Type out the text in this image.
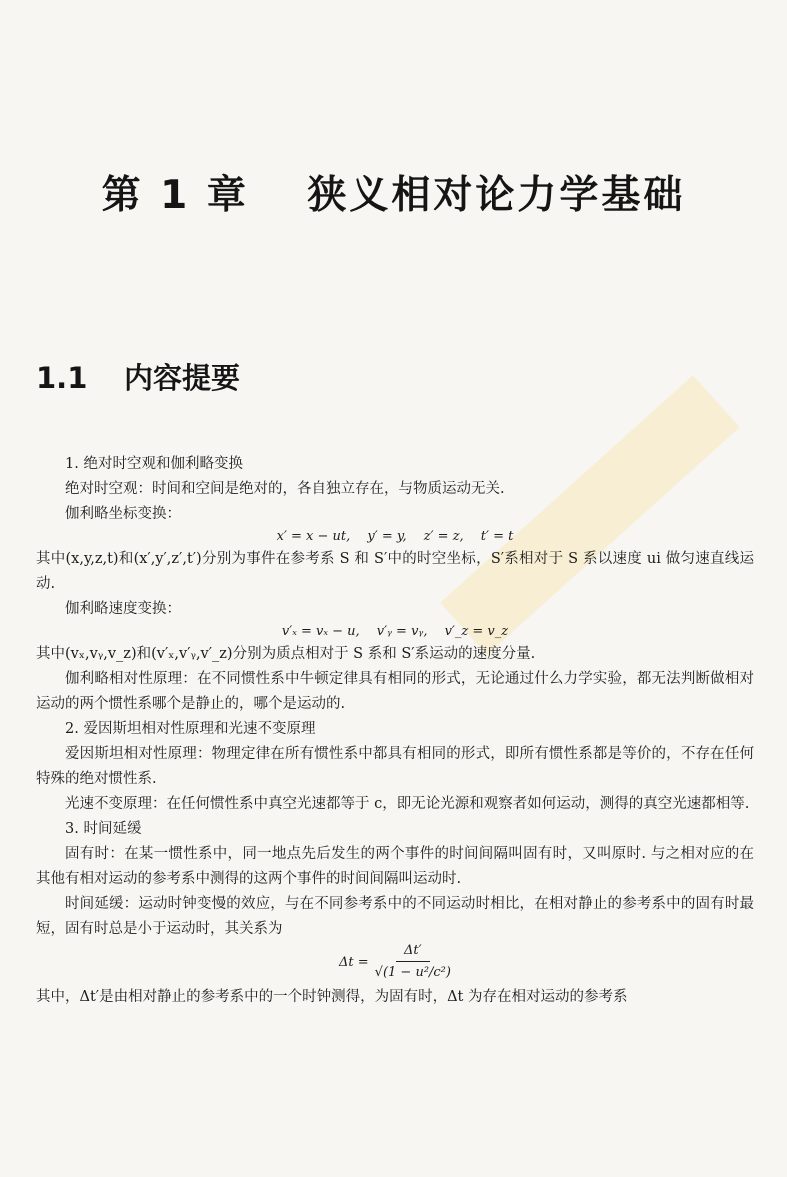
第 1 章　 狭义相对论力学基础
1.1 内容提要

1. 绝对时空观和伽利略变换

绝对时空观：时间和空间是绝对的，各自独立存在，与物质运动无关.

伽利略坐标变换：

x′ = x − ut,　 y′ = y,　 z′ = z,　 t′ = t

其中(x,y,z,t)和(x′,y′,z′,t′)分别为事件在参考系 S 和 S′中的时空坐标，S′系相对于 S 系以速度 ui 做匀速直线运动.

伽利略速度变换：

v′ₓ = vₓ − u,　 v′ᵧ = vᵧ,　 v′_z = v_z

其中(vₓ,vᵧ,v_z)和(v′ₓ,v′ᵧ,v′_z)分别为质点相对于 S 系和 S′系运动的速度分量.

伽利略相对性原理：在不同惯性系中牛顿定律具有相同的形式，无论通过什么力学实验，都无法判断做相对运动的两个惯性系哪个是静止的，哪个是运动的.

2. 爱因斯坦相对性原理和光速不变原理

爱因斯坦相对性原理：物理定律在所有惯性系中都具有相同的形式，即所有惯性系都是等价的，不存在任何特殊的绝对惯性系.

光速不变原理：在任何惯性系中真空光速都等于 c，即无论光源和观察者如何运动，测得的真空光速都相等.

3. 时间延缓

固有时：在某一惯性系中，同一地点先后发生的两个事件的时间间隔叫固有时，又叫原时. 与之相对应的在其他有相对运动的参考系中测得的这两个事件的时间间隔叫运动时.

时间延缓：运动时钟变慢的效应，与在不同参考系中的不同运动时相比，在相对静止的参考系中的固有时最短，固有时总是小于运动时，其关系为

$\Delta t = \frac{\Delta t'}{\text{√(1 − u²/c²)}}$

其中，Δt′是由相对静止的参考系中的一个时钟测得，为固有时，Δt 为存在相对运动的参考系
